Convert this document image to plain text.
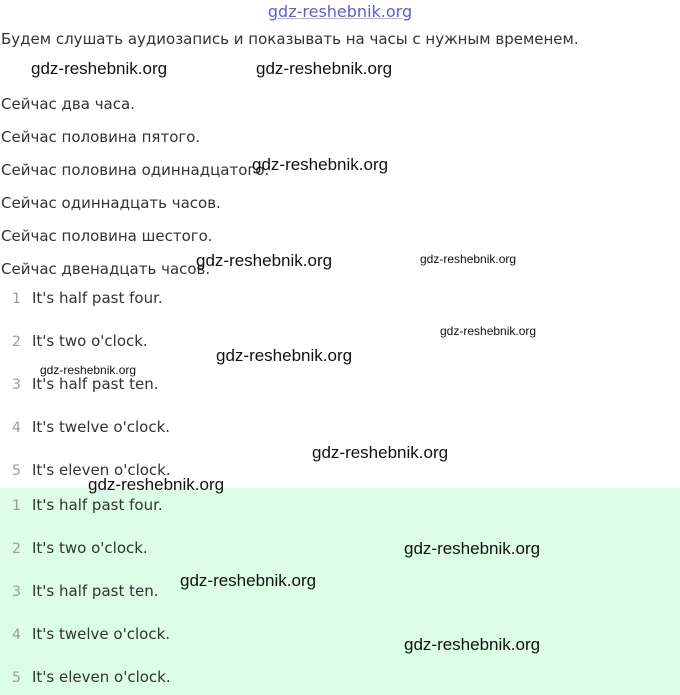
gdz-reshebnik.org
Будем слушать аудиозапись и показывать на часы с нужным временем.
Сейчас два часа.
Сейчас половина пятого.
Сейчас половина одиннадцатого.
Сейчас одиннадцать часов.
Сейчас половина шестого.
Сейчас двенадцать часов.
1 It's half past four.
2 It's two o'clock.
3 It's half past ten.
4 It's twelve o'clock.
5 It's eleven o'clock.
1 It's half past four.
2 It's two o'clock.
3 It's half past ten.
4 It's twelve o'clock.
5 It's eleven o'clock.
gdz-reshebnik.org	gdz-reshebnik.org
gdz-reshebnik.org
gdz-reshebnik.org	gdz-reshebnik.org
gdz-reshebnik.org
gdz-reshebnik.org
gdz-reshebnik.org
gdz-reshebnik.org
gdz-reshebnik.org
gdz-reshebnik.org
gdz-reshebnik.org
gdz-reshebnik.org
